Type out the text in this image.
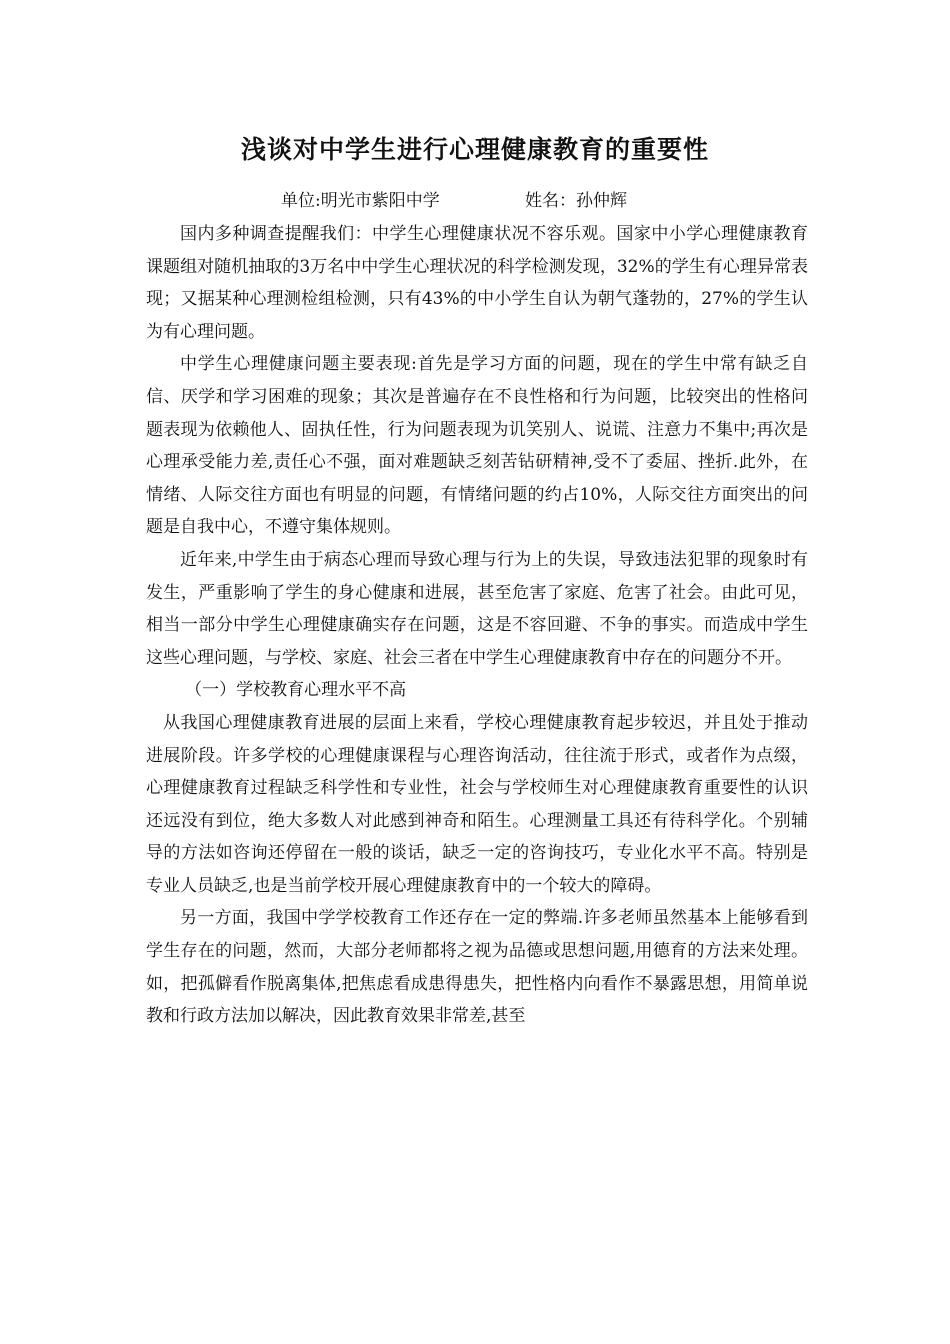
浅谈对中学生进行心理健康教育的重要性
单位:明光市紫阳中学	姓名：孙仲辉

国内多种调查提醒我们：中学生心理健康状况不容乐观。国家中小学心理健康教育课题组对随机抽取的3万名中中学生心理状况的科学检测发现，32%的学生有心理异常表现；又据某种心理测检组检测，只有43%的中小学生自认为朝气蓬勃的，27%的学生认为有心理问题。

中学生心理健康问题主要表现:首先是学习方面的问题，现在的学生中常有缺乏自信、厌学和学习困难的现象；其次是普遍存在不良性格和行为问题，比较突出的性格问题表现为依赖他人、固执任性，行为问题表现为讥笑别人、说谎、注意力不集中;再次是心理承受能力差,责任心不强，面对难题缺乏刻苦钻研精神,受不了委屈、挫折.此外，在情绪、人际交往方面也有明显的问题，有情绪问题的约占10%，人际交往方面突出的问题是自我中心，不遵守集体规则。

近年来,中学生由于病态心理而导致心理与行为上的失误，导致违法犯罪的现象时有发生，严重影响了学生的身心健康和进展，甚至危害了家庭、危害了社会。由此可见，相当一部分中学生心理健康确实存在问题，这是不容回避、不争的事实。而造成中学生这些心理问题，与学校、家庭、社会三者在中学生心理健康教育中存在的问题分不开。

（一）学校教育心理水平不高

从我国心理健康教育进展的层面上来看，学校心理健康教育起步较迟，并且处于推动进展阶段。许多学校的心理健康课程与心理咨询活动，往往流于形式，或者作为点缀，心理健康教育过程缺乏科学性和专业性，社会与学校师生对心理健康教育重要性的认识还远没有到位，绝大多数人对此感到神奇和陌生。心理测量工具还有待科学化。个别辅导的方法如咨询还停留在一般的谈话，缺乏一定的咨询技巧，专业化水平不高。特别是专业人员缺乏,也是当前学校开展心理健康教育中的一个较大的障碍。

另一方面，我国中学学校教育工作还存在一定的弊端.许多老师虽然基本上能够看到学生存在的问题，然而，大部分老师都将之视为品德或思想问题,用德育的方法来处理。如，把孤僻看作脱离集体,把焦虑看成患得患失，把性格内向看作不暴露思想，用简单说教和行政方法加以解决，因此教育效果非常差,甚至
